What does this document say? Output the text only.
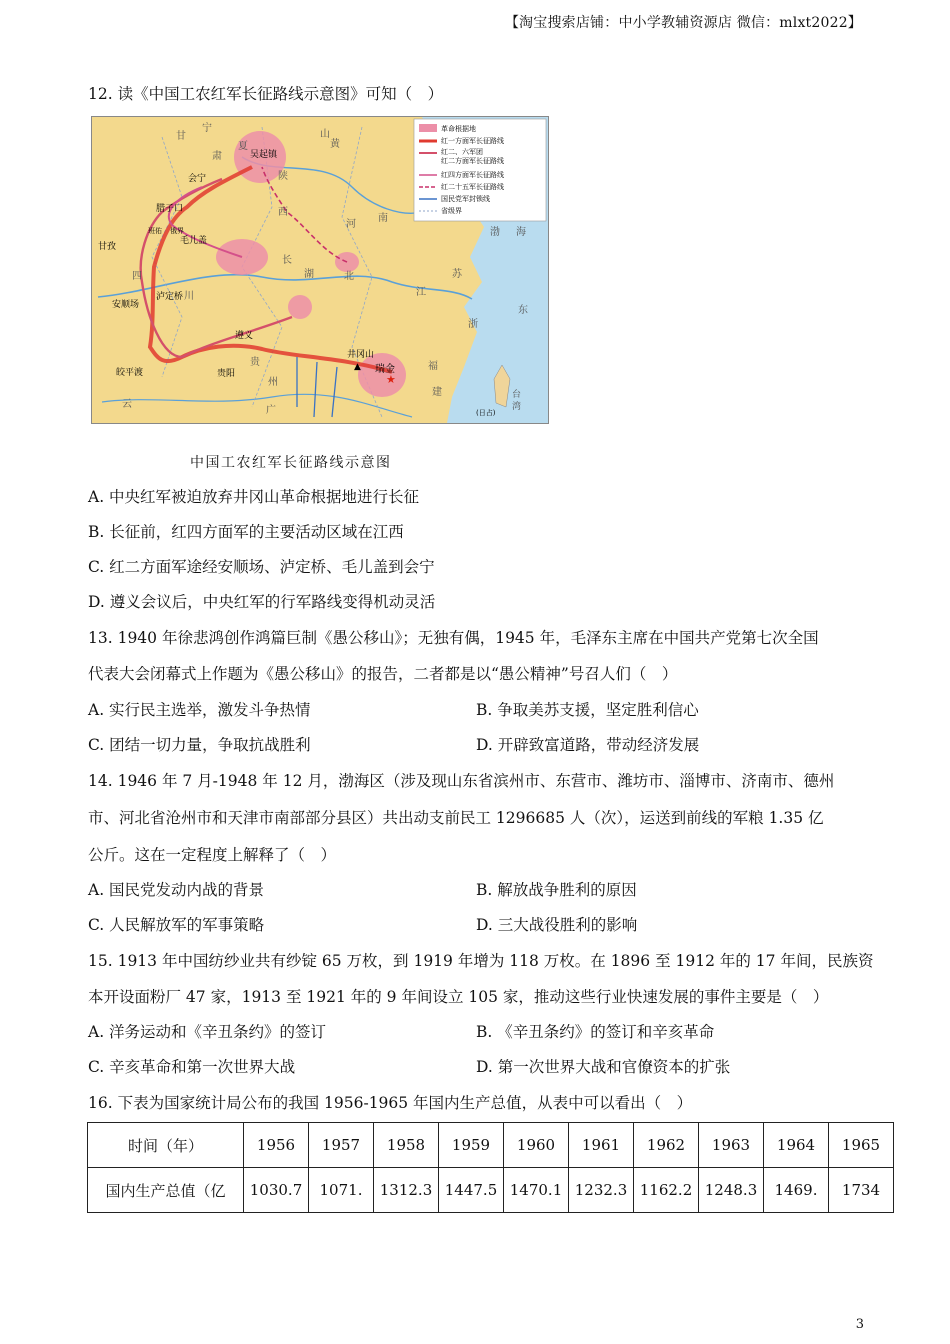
【淘宝搜索店铺：中小学教辅资源店 微信：mlxt2022】
12. 读《中国工农红军长征路线示意图》可知（　）
瑞金
★
井冈山
▲
遵义
贵阳
皎平渡
安顺场
泸定桥
甘孜
毛儿盖
班佑 俄界
腊子口
会宁
吴起镇
(日占)
甘
宁
夏
肃
陕
西
山
河
南
黄
渤 海
东
台
湾
湖	北
江
苏
浙
福
建
广
云
贵
州
四
川
长
革命根据地
红一方面军长征路线
红二、六军团
红二方面军长征路线
红四方面军长征路线
红二十五军长征路线
国民党军封锁线
省级界
中国工农红军长征路线示意图
A. 中央红军被迫放弃井冈山革命根据地进行长征
B. 长征前，红四方面军的主要活动区域在江西
C. 红二方面军途经安顺场、泸定桥、毛儿盖到会宁
D. 遵义会议后，中央红军的行军路线变得机动灵活
13. 1940 年徐悲鸿创作鸿篇巨制《愚公移山》；无独有偶，1945 年，毛泽东主席在中国共产党第七次全国
代表大会闭幕式上作题为《愚公移山》的报告，二者都是以“愚公精神”号召人们（　）
A. 实行民主选举，激发斗争热情	B. 争取美苏支援，坚定胜利信心
C. 团结一切力量，争取抗战胜利	D. 开辟致富道路，带动经济发展
14. 1946 年 7 月-1948 年 12 月，渤海区（涉及现山东省滨州市、东营市、潍坊市、淄博市、济南市、德州
市、河北省沧州市和天津市南部部分县区）共出动支前民工 1296685 人（次），运送到前线的军粮 1.35 亿
公斤。这在一定程度上解释了（　）
A. 国民党发动内战的背景	B. 解放战争胜利的原因
C. 人民解放军的军事策略	D. 三大战役胜利的影响
15. 1913 年中国纺纱业共有纱锭 65 万枚，到 1919 年增为 118 万枚。在 1896 至 1912 年的 17 年间，民族资
本开设面粉厂 47 家，1913 至 1921 年的 9 年间设立 105 家，推动这些行业快速发展的事件主要是（　）
A. 洋务运动和《辛丑条约》的签订	B. 《辛丑条约》的签订和辛亥革命
C. 辛亥革命和第一次世界大战	D. 第一次世界大战和官僚资本的扩张
16. 下表为国家统计局公布的我国 1956-1965 年国内生产总值，从表中可以看出（　）
时间（年）	1956	1957	1958	1959	1960	1961	1962	1963	1964	1965
国内生产总值（亿	1030.7	1071.	1312.3	1447.5	1470.1	1232.3	1162.2	1248.3	1469.	1734
3
